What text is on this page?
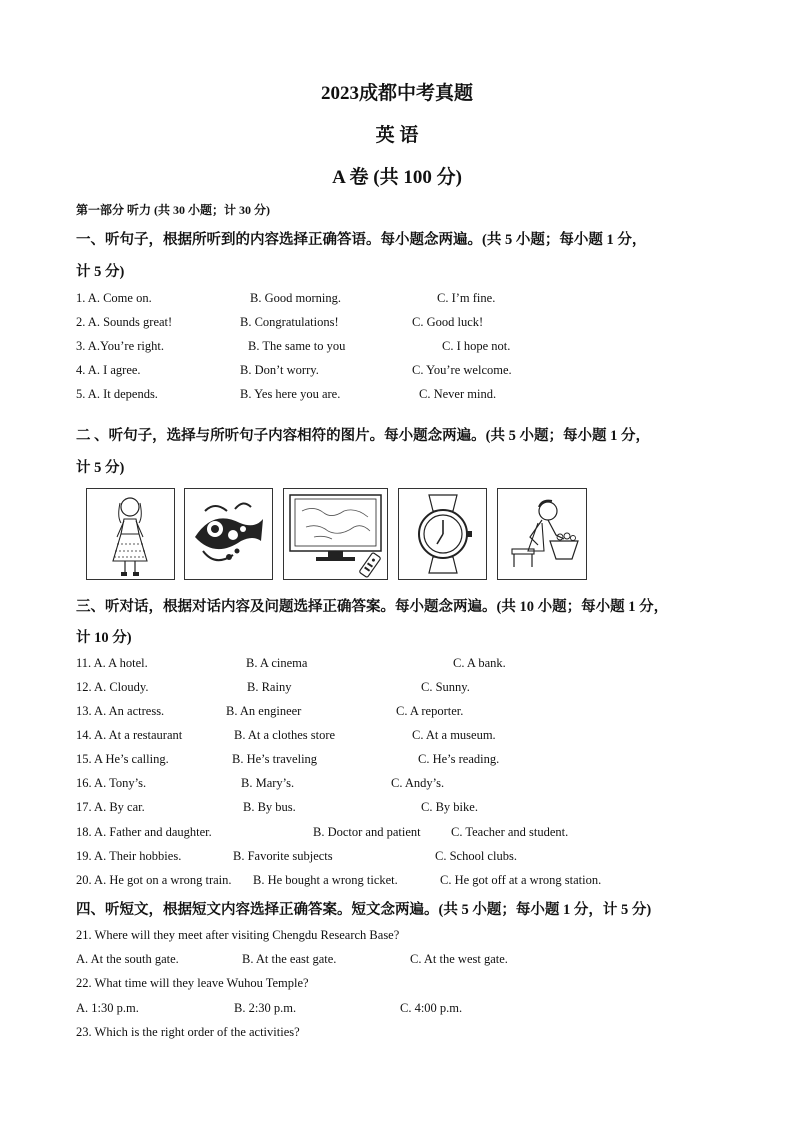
2023成都中考真题
英 语
A 卷 (共 100 分)
第一部分 听力 (共 30 小题；计 30 分)
一、听句子，根据所听到的内容选择正确答语。每小题念两遍。(共 5 小题；每小题 1 分，
计 5 分)
1. A. Come on.	B. Good morning.	C. I’m fine.
2. A. Sounds great!	B. Congratulations!	C. Good luck!
3. A.You’re right.	B. The same to you	C. I hope not.
4. A. I agree.	B. Don’t worry.	C. You’re welcome.
5. A. It depends.	B. Yes here you are.	C. Never mind.
二 、听句子，选择与所听句子内容相符的图片。每小题念两遍。(共 5 小题；每小题 1 分，
计 5 分)
三、听对话，根据对话内容及问题选择正确答案。每小题念两遍。(共 10 小题；每小题 1 分，
计 10 分)
11. A. A hotel.	B. A cinema	C. A bank.
12. A. Cloudy.	B. Rainy	C. Sunny.
13. A. An actress.	B. An engineer	C. A reporter.
14. A. At a restaurant	B. At a clothes store	C. At a museum.
15. A He’s calling.	B. He’s traveling	C. He’s reading.
16. A. Tony’s.	B. Mary’s.	C. Andy’s.
17. A. By car.	B. By bus.	C. By bike.
18. A. Father and daughter.	B. Doctor and patient C. Teacher and student.
19. A. Their hobbies.	B. Favorite subjects	C. School clubs.
20. A. He got on a wrong train. B. He bought a wrong ticket.	C. He got off at a wrong station.
四、听短文，根据短文内容选择正确答案。短文念两遍。(共 5 小题；每小题 1 分，计 5 分)
21. Where will they meet after visiting Chengdu Research Base?
A. At the south gate.	B. At the east gate.	C. At the west gate.
22. What time will they leave Wuhou Temple?
A. 1:30 p.m.	B. 2:30 p.m.	C. 4:00 p.m.
23. Which is the right order of the activities?
